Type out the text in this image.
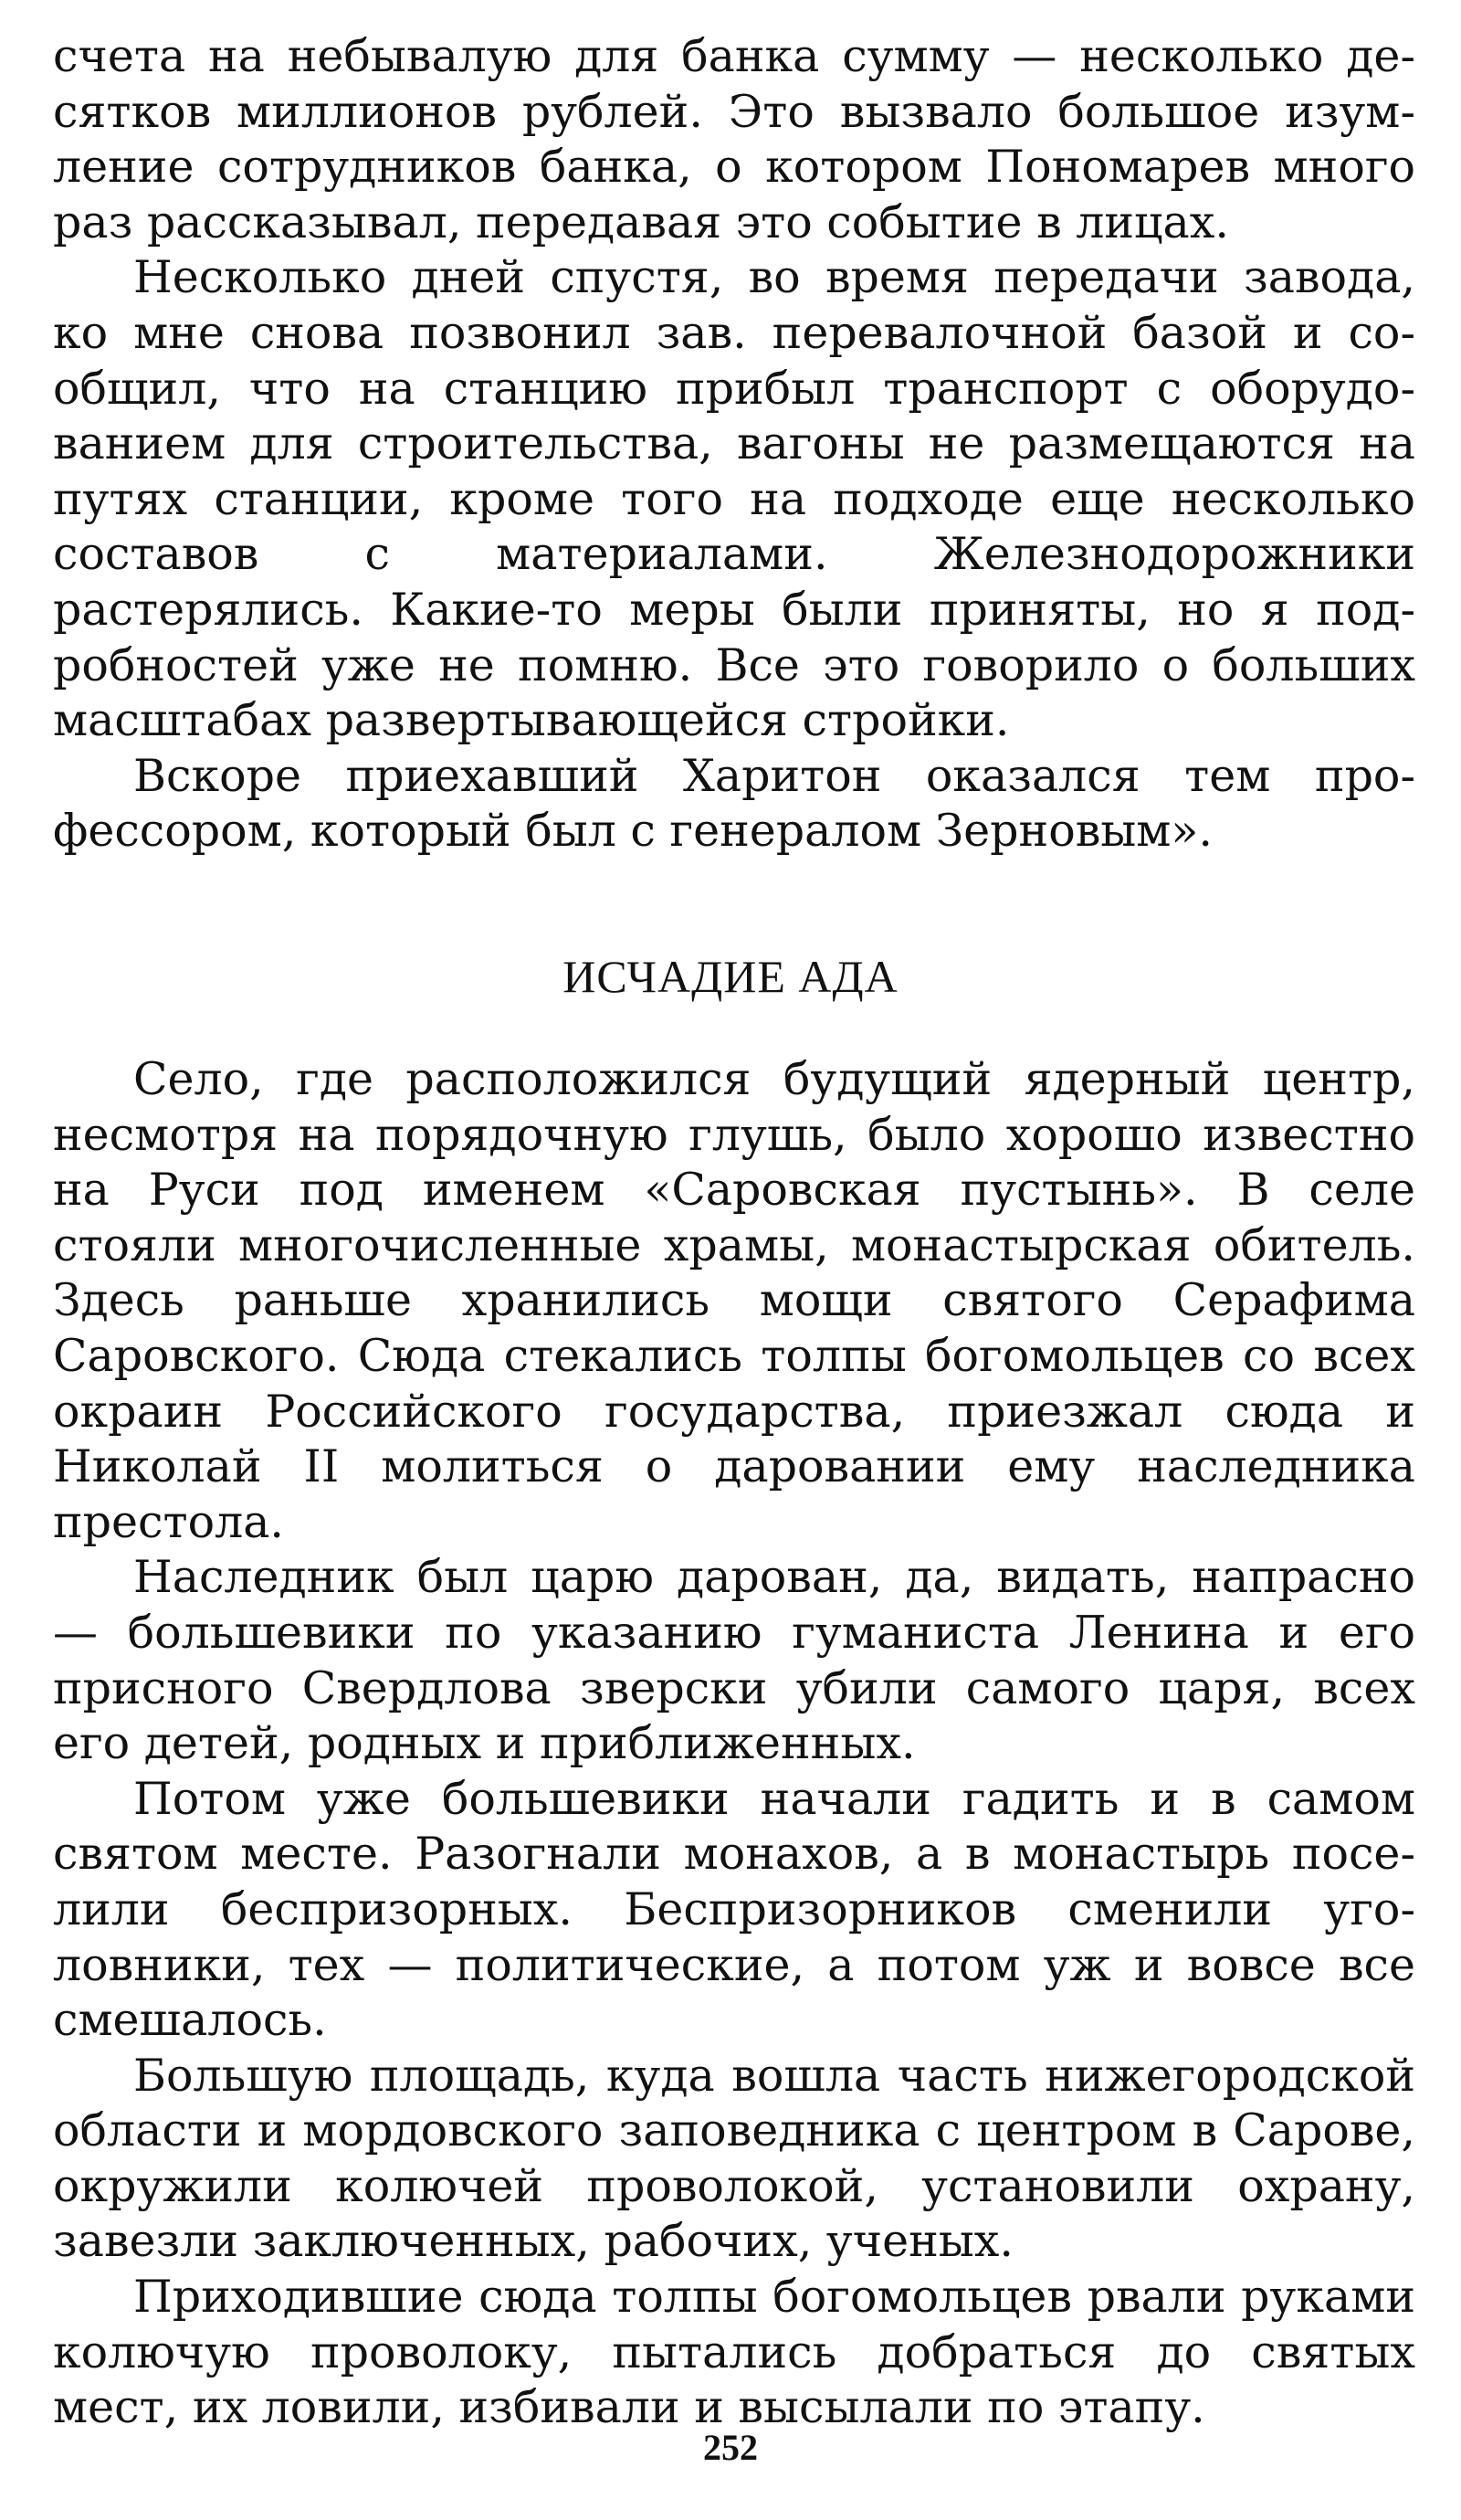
счета на небывалую для банка сумму — несколько десятков миллионов рублей. Это вызвало большое изумление сотрудников банка, о котором Пономарев много раз рассказывал, передавая это событие в лицах.

Несколько дней спустя, во время передачи завода, ко мне снова позвонил зав. перевалочной базой и сообщил, что на станцию прибыл транспорт с оборудованием для строительства, вагоны не размещаются на путях станции, кроме того на подходе еще несколько составов с материалами. Железнодорожники растерялись. Какие-то меры были приняты, но я подробностей уже не помню. Все это говорило о больших масштабах развертывающейся стройки.

Вскоре приехавший Харитон оказался тем профессором, который был с генералом Зерновым».

ИСЧАДИЕ АДА

Село, где расположился будущий ядерный центр, несмотря на порядочную глушь, было хорошо известно на Руси под именем «Саровская пустынь». В селе стояли многочисленные храмы, монастырская обитель. Здесь раньше хранились мощи святого Серафима Саровского. Сюда стекались толпы богомольцев со всех окраин Российского государства, приезжал сюда и Николай II молиться о даровании ему наследника престола.

Наследник был царю дарован, да, видать, напрасно — большевики по указанию гуманиста Ленина и его присного Свердлова зверски убили самого царя, всех его детей, родных и приближенных.

Потом уже большевики начали гадить и в самом святом месте. Разогнали монахов, а в монастырь поселили беспризорных. Беспризорников сменили уголовники, тех — политические, а потом уж и вовсе все смешалось.

Большую площадь, куда вошла часть нижегородской области и мордовского заповедника с центром в Сарове, окружили колючей проволокой, установили охрану, завезли заключенных, рабочих, ученых.

Приходившие сюда толпы богомольцев рвали руками колючую проволоку, пытались добраться до святых мест, их ловили, избивали и высылали по этапу.

252
